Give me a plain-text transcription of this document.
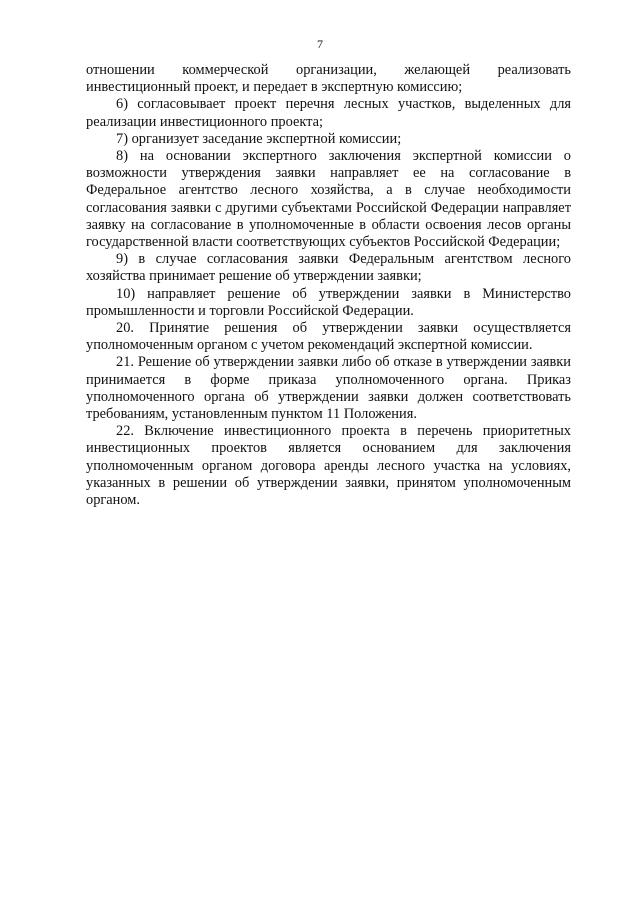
7

отношении коммерческой организации, желающей реализовать инвестиционный проект, и передает в экспертную комиссию;

6) согласовывает проект перечня лесных участков, выделенных для реализации инвестиционного проекта;

7) организует заседание экспертной комиссии;

8) на основании экспертного заключения экспертной комиссии о возможности утверждения заявки направляет ее на согласование в Федеральное агентство лесного хозяйства, а в случае необходимости согласования заявки с другими субъектами Российской Федерации направляет заявку на согласование в уполномоченные в области освоения лесов органы государственной власти соответствующих субъектов Российской Федерации;

9) в случае согласования заявки Федеральным агентством лесного хозяйства принимает решение об утверждении заявки;

10) направляет решение об утверждении заявки в Министерство промышленности и торговли Российской Федерации.

20. Принятие решения об утверждении заявки осуществляется уполномоченным органом с учетом рекомендаций экспертной комиссии.

21. Решение об утверждении заявки либо об отказе в утверждении заявки принимается в форме приказа уполномоченного органа. Приказ уполномоченного органа об утверждении заявки должен соответствовать требованиям, установленным пунктом 11 Положения.

22. Включение инвестиционного проекта в перечень приоритетных инвестиционных проектов является основанием для заключения уполномоченным органом договора аренды лесного участка на условиях, указанных в решении об утверждении заявки, принятом уполномоченным органом.
